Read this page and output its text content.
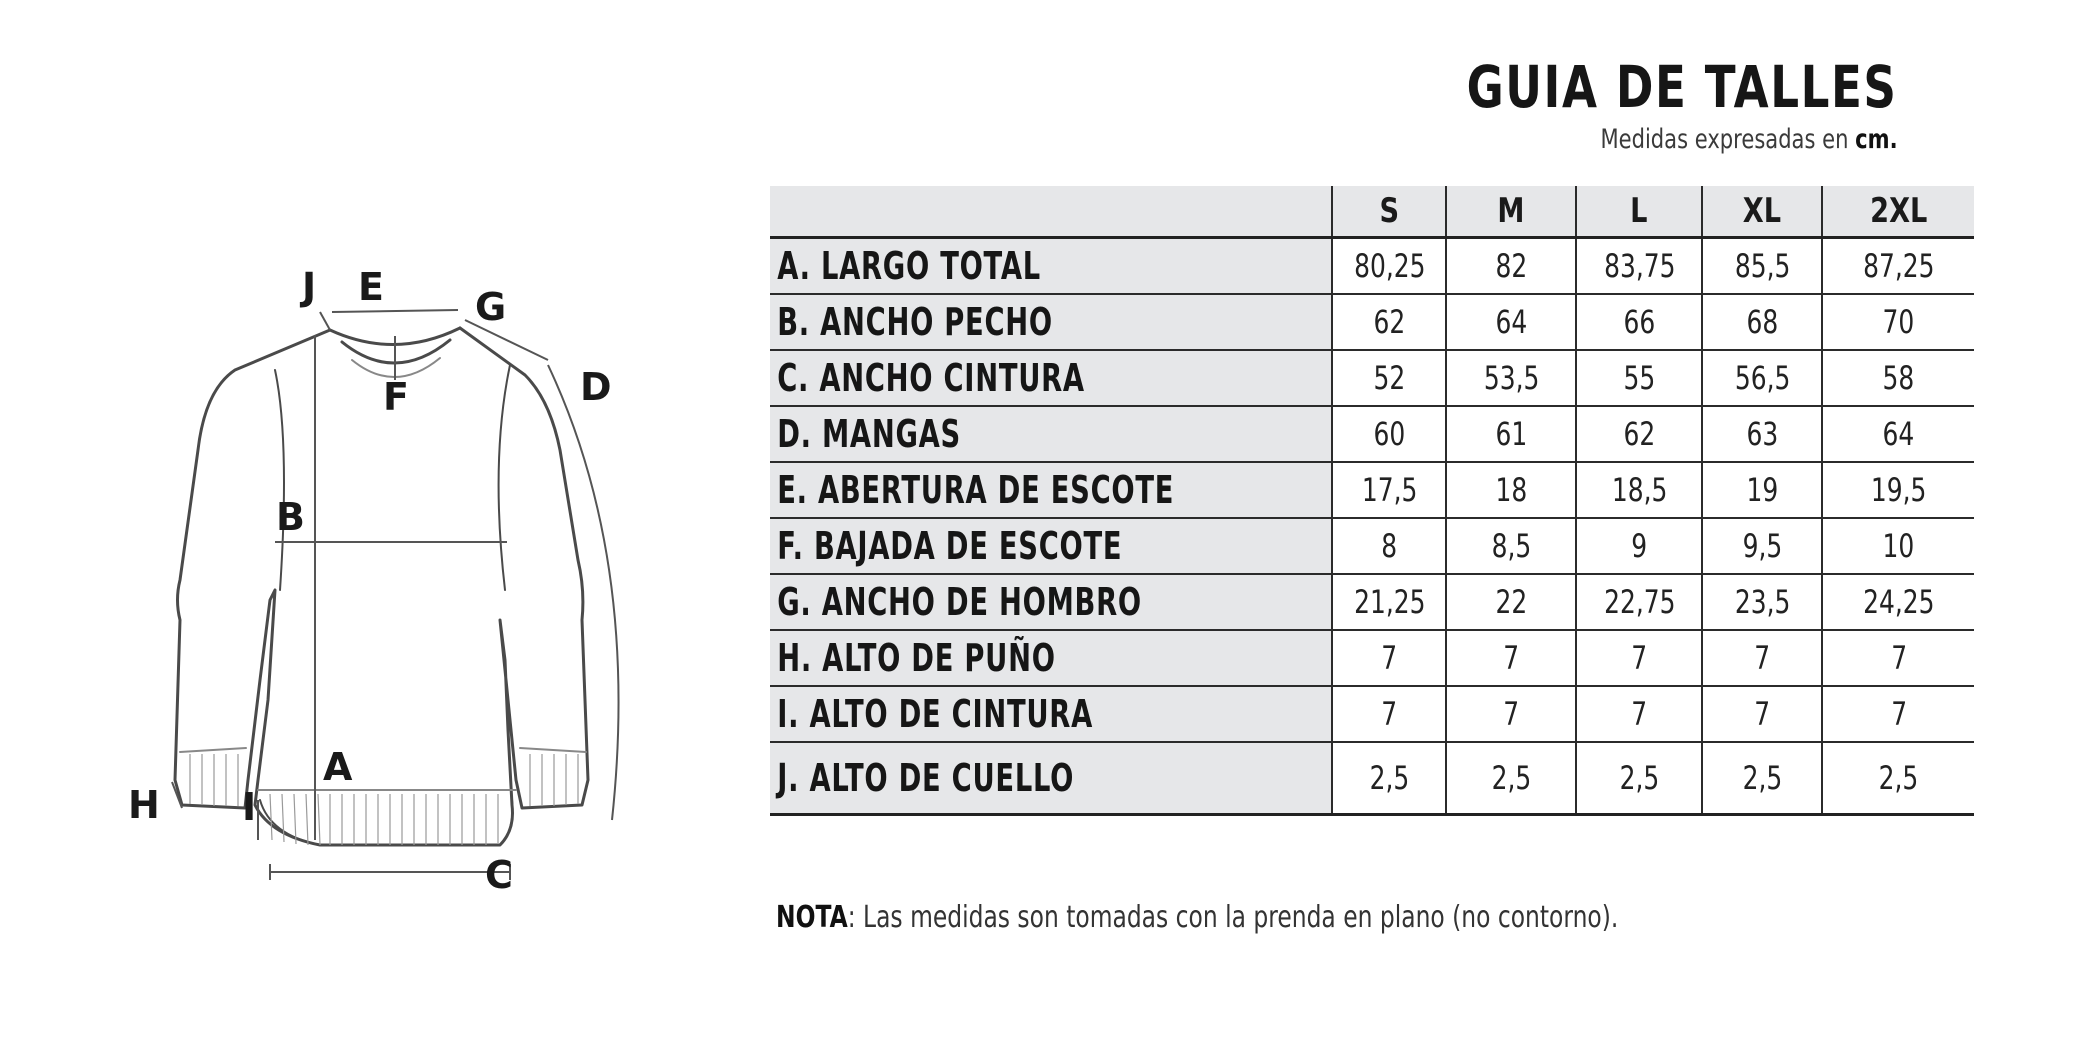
GUIA DE TALLES
Medidas expresadas en cm.
	S	M	L	XL	2XL
A. LARGO TOTAL	80,25	82	83,75	85,5	87,25
B. ANCHO PECHO	62	64	66	68	70
C. ANCHO CINTURA	52	53,5	55	56,5	58
D. MANGAS	60	61	62	63	64
E. ABERTURA DE ESCOTE	17,5	18	18,5	19	19,5
F. BAJADA DE ESCOTE	8	8,5	9	9,5	10
G. ANCHO DE HOMBRO	21,25	22	22,75	23,5	24,25
H. ALTO DE PUÑO	7	7	7	7	7
I. ALTO DE CINTURA	7	7	7	7	7
J. ALTO DE CUELLO	2,5	2,5	2,5	2,5	2,5
NOTA: Las medidas son tomadas con la prenda en plano (no contorno).
A
B
C
D
E
F
G
H I
J
